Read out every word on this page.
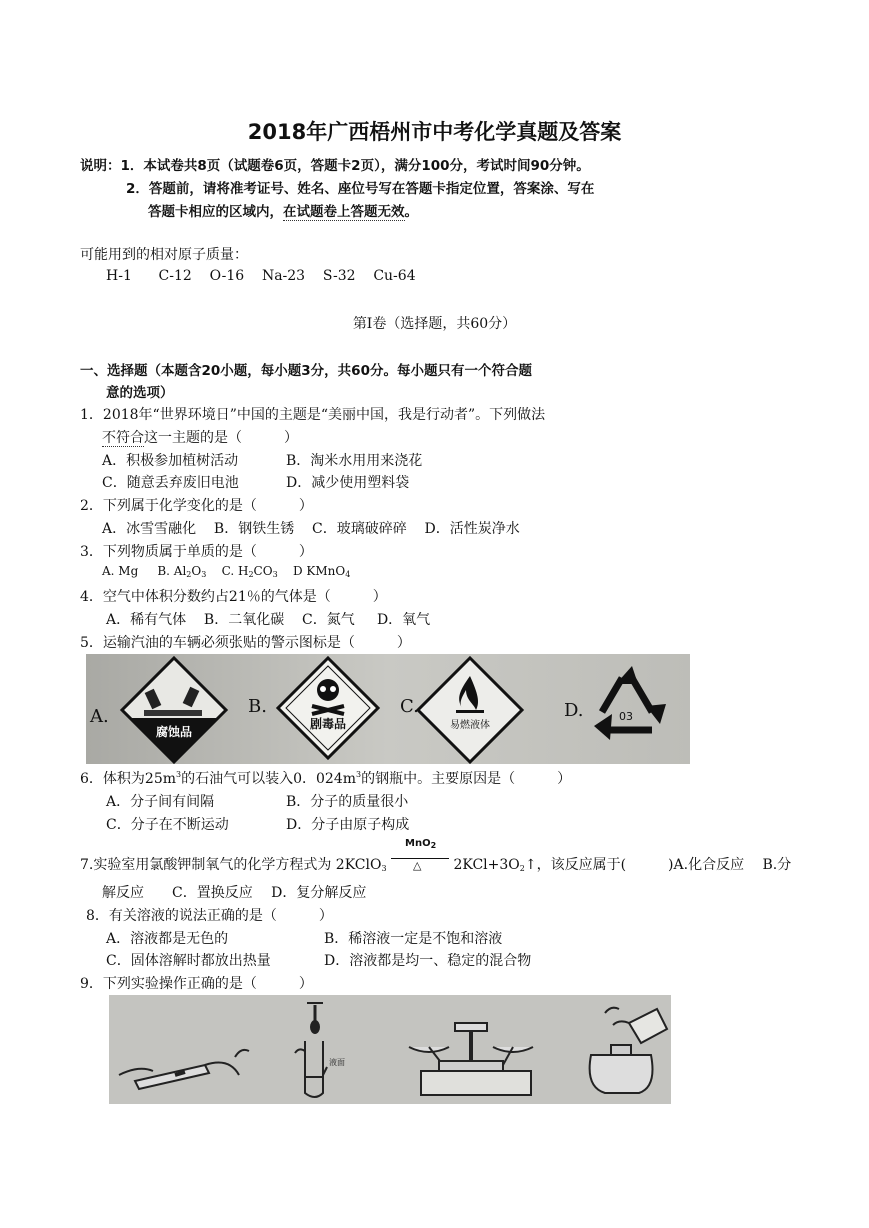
2018年广西梧州市中考化学真题及答案
说明：1．本试卷共8页（试题卷6页，答题卡2页），满分100分，考试时间90分钟。
2．答题前，请将准考证号、姓名、座位号写在答题卡指定位置，答案涂、写在
答题卡相应的区域内，在试题卷上答题无效。
可能用到的相对原子质量：
H-1      C-12    O-16    Na-23    S-32    Cu-64
第Ⅰ卷（选择题，共60分）
一、选择题（本题含20小题，每小题3分，共60分。每小题只有一个符合题
意的选项）
1．2018年“世界环境日”中国的主题是“美丽中国，我是行动者”。下列做法
不符合这一主题的是（　　　）
A．积极参加植树活动	B．淘米水用用来浇花
C．随意丢弃废旧电池	D．减少使用塑料袋
2．下列属于化学变化的是（　　　）
A．冰雪雪融化    B．钢铁生锈    C．玻璃破碎碎    D．活性炭净水
3．下列物质属于单质的是（　　　）
A. Mg B. $Al_2O_3$ C. $H_2CO_3$ D KMnO$_4$
4．空气中体积分数约占21％的气体是（　　　）
A．稀有气体    B．二氧化碳    C．氮气     D．氧气
5．运输汽油的车辆必须张贴的警示图标是（　　　）
A.
腐蚀品
B.
剧毒品
C.
易燃液体
D.	03
6．体积为$25m^3$的石油气可以装入0．$024m^3$的钢瓶中。主要原因是（　　　）
A．分子间有间隔	B．分子的质量很小
C．分子在不断运动	D．分子由原子构成
7.实验室用氯酸钾制氧气的化学方程式为 2KClO$_3$
MnO$_2$
△ $2KCl+3O_2↑$，该反应属于(　　　)A.化合反应　 B.分
解反应　　C．置换反应　 D．复分解反应
8．有关溶液的说法正确的是（　　　）
A．溶液都是无色的	B．稀溶液一定是不饱和溶液
C．固体溶解时都放出热量	D．溶液都是均一、稳定的混合物
9．下列实验操作正确的是（　　　）
液面
